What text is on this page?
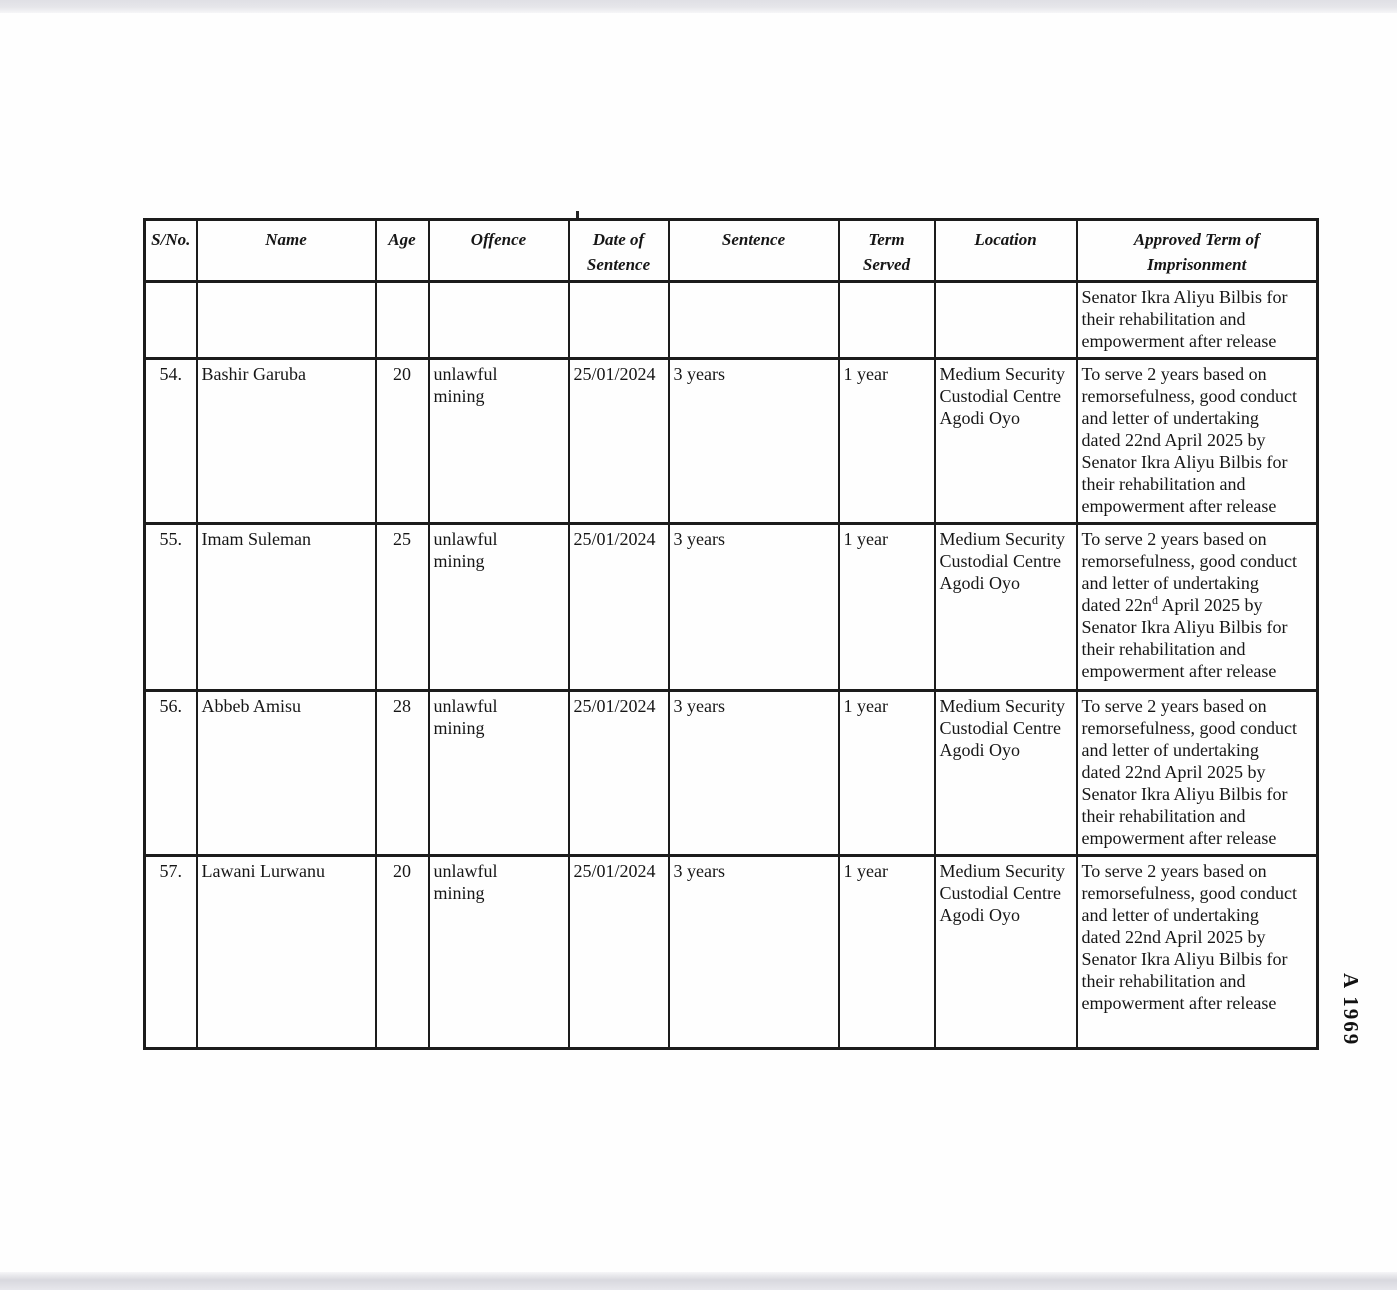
S/No.	Name	Age	Offence	Date of
Sentence	Sentence	Term
Served	Location	Approved Term of
Imprisonment
								Senator Ikra Aliyu Bilbis for
their rehabilitation and
empowerment after release
54.	Bashir Garuba	20	unlawful
mining	25/01/2024	3 years	1 year	Medium Security
Custodial Centre
Agodi Oyo	To serve 2 years based on
remorsefulness, good conduct
and letter of undertaking
dated 22nd April 2025 by
Senator Ikra Aliyu Bilbis for
their rehabilitation and
empowerment after release
55.	Imam Suleman	25	unlawful
mining	25/01/2024	3 years	1 year	Medium Security
Custodial Centre
Agodi Oyo	To serve 2 years based on
remorsefulness, good conduct
and letter of undertaking
dated $22n^d$ April 2025 by
Senator Ikra Aliyu Bilbis for
their rehabilitation and
empowerment after release
56.	Abbeb Amisu	28	unlawful
mining	25/01/2024	3 years	1 year	Medium Security
Custodial Centre
Agodi Oyo	To serve 2 years based on
remorsefulness, good conduct
and letter of undertaking
dated 22nd April 2025 by
Senator Ikra Aliyu Bilbis for
their rehabilitation and
empowerment after release
57.	Lawani Lurwanu	20	unlawful
mining	25/01/2024	3 years	1 year	Medium Security
Custodial Centre
Agodi Oyo	To serve 2 years based on
remorsefulness, good conduct
and letter of undertaking
dated 22nd April 2025 by
Senator Ikra Aliyu Bilbis for
their rehabilitation and
empowerment after release	A 1969
